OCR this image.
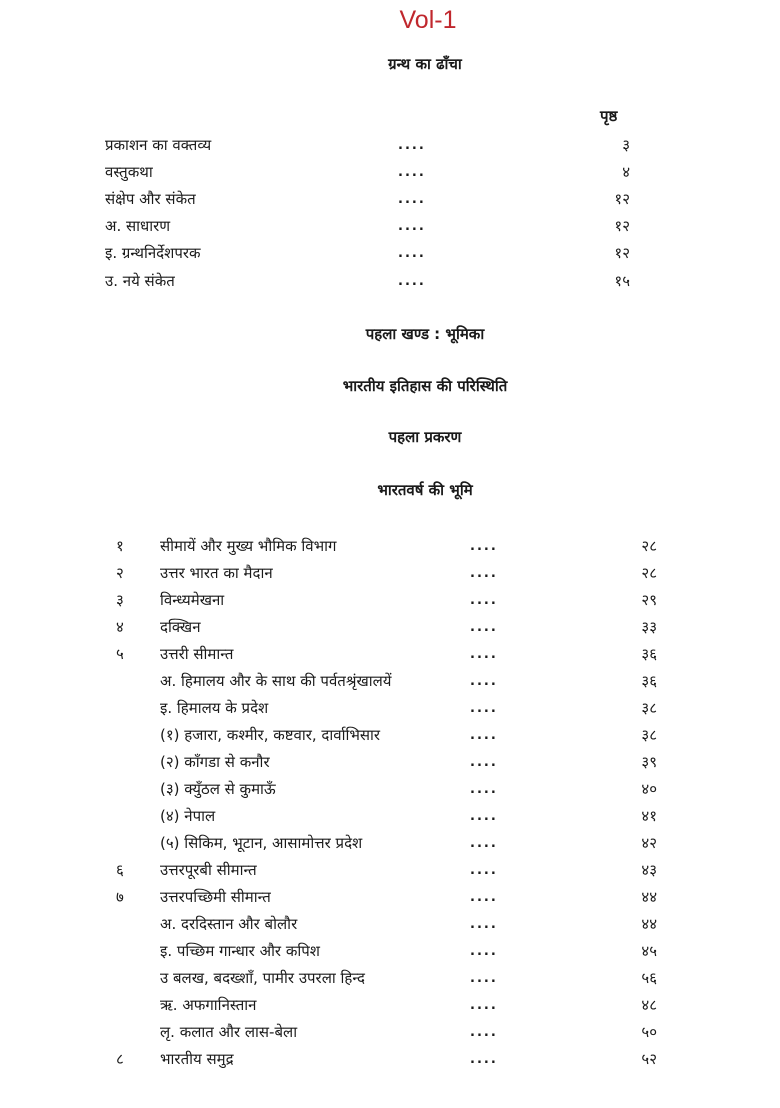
Vol-1
ग्रन्थ का ढाँचा
पृष्ठ
प्रकाशन का वक्तव्य	....	३
वस्तुकथा	....	४
संक्षेप और संकेत	....	१२
अ. साधारण	....	१२
इ. ग्रन्थनिर्देशपरक	....	१२
उ. नये संकेत	....	१५
पहला खण्ड : भूमिका
भारतीय इतिहास की परिस्थिति
पहला प्रकरण
भारतवर्ष की भूमि
१ सीमायें और मुख्य भौमिक विभाग	....	२८
२ उत्तर भारत का मैदान	....	२८
३ विन्ध्यमेखना	....	२९
४ दक्खिन	....	३३
५ उत्तरी सीमान्त	....	३६
अ. हिमालय और के साथ की पर्वतश्रृंखालयें	....	३६
इ. हिमालय के प्रदेश	....	३८
(१) हजारा, कश्मीर, कष्टवार, दार्वाभिसार	....	३८
(२) कॉंगडा से कनौर	....	३९
(३) क्युँठल से कुमाऊँ	....	४०
(४) नेपाल	....	४१
(५) सिकिम, भूटान, आसामोत्तर प्रदेश	....	४२
६ उत्तरपूरबी सीमान्त	....	४३
७ उत्तरपच्छिमी सीमान्त	....	४४
अ. दरदिस्तान और बोलौर	....	४४
इ. पच्छिम गान्धार और कपिश	....	४५
उ बलख, बदख्शाँ, पामीर उपरला हिन्द	....	५६
ऋ. अफगानिस्तान	....	४८
लृ. कलात और लास-बेला	....	५०
८ भारतीय समुद्र	....	५२
